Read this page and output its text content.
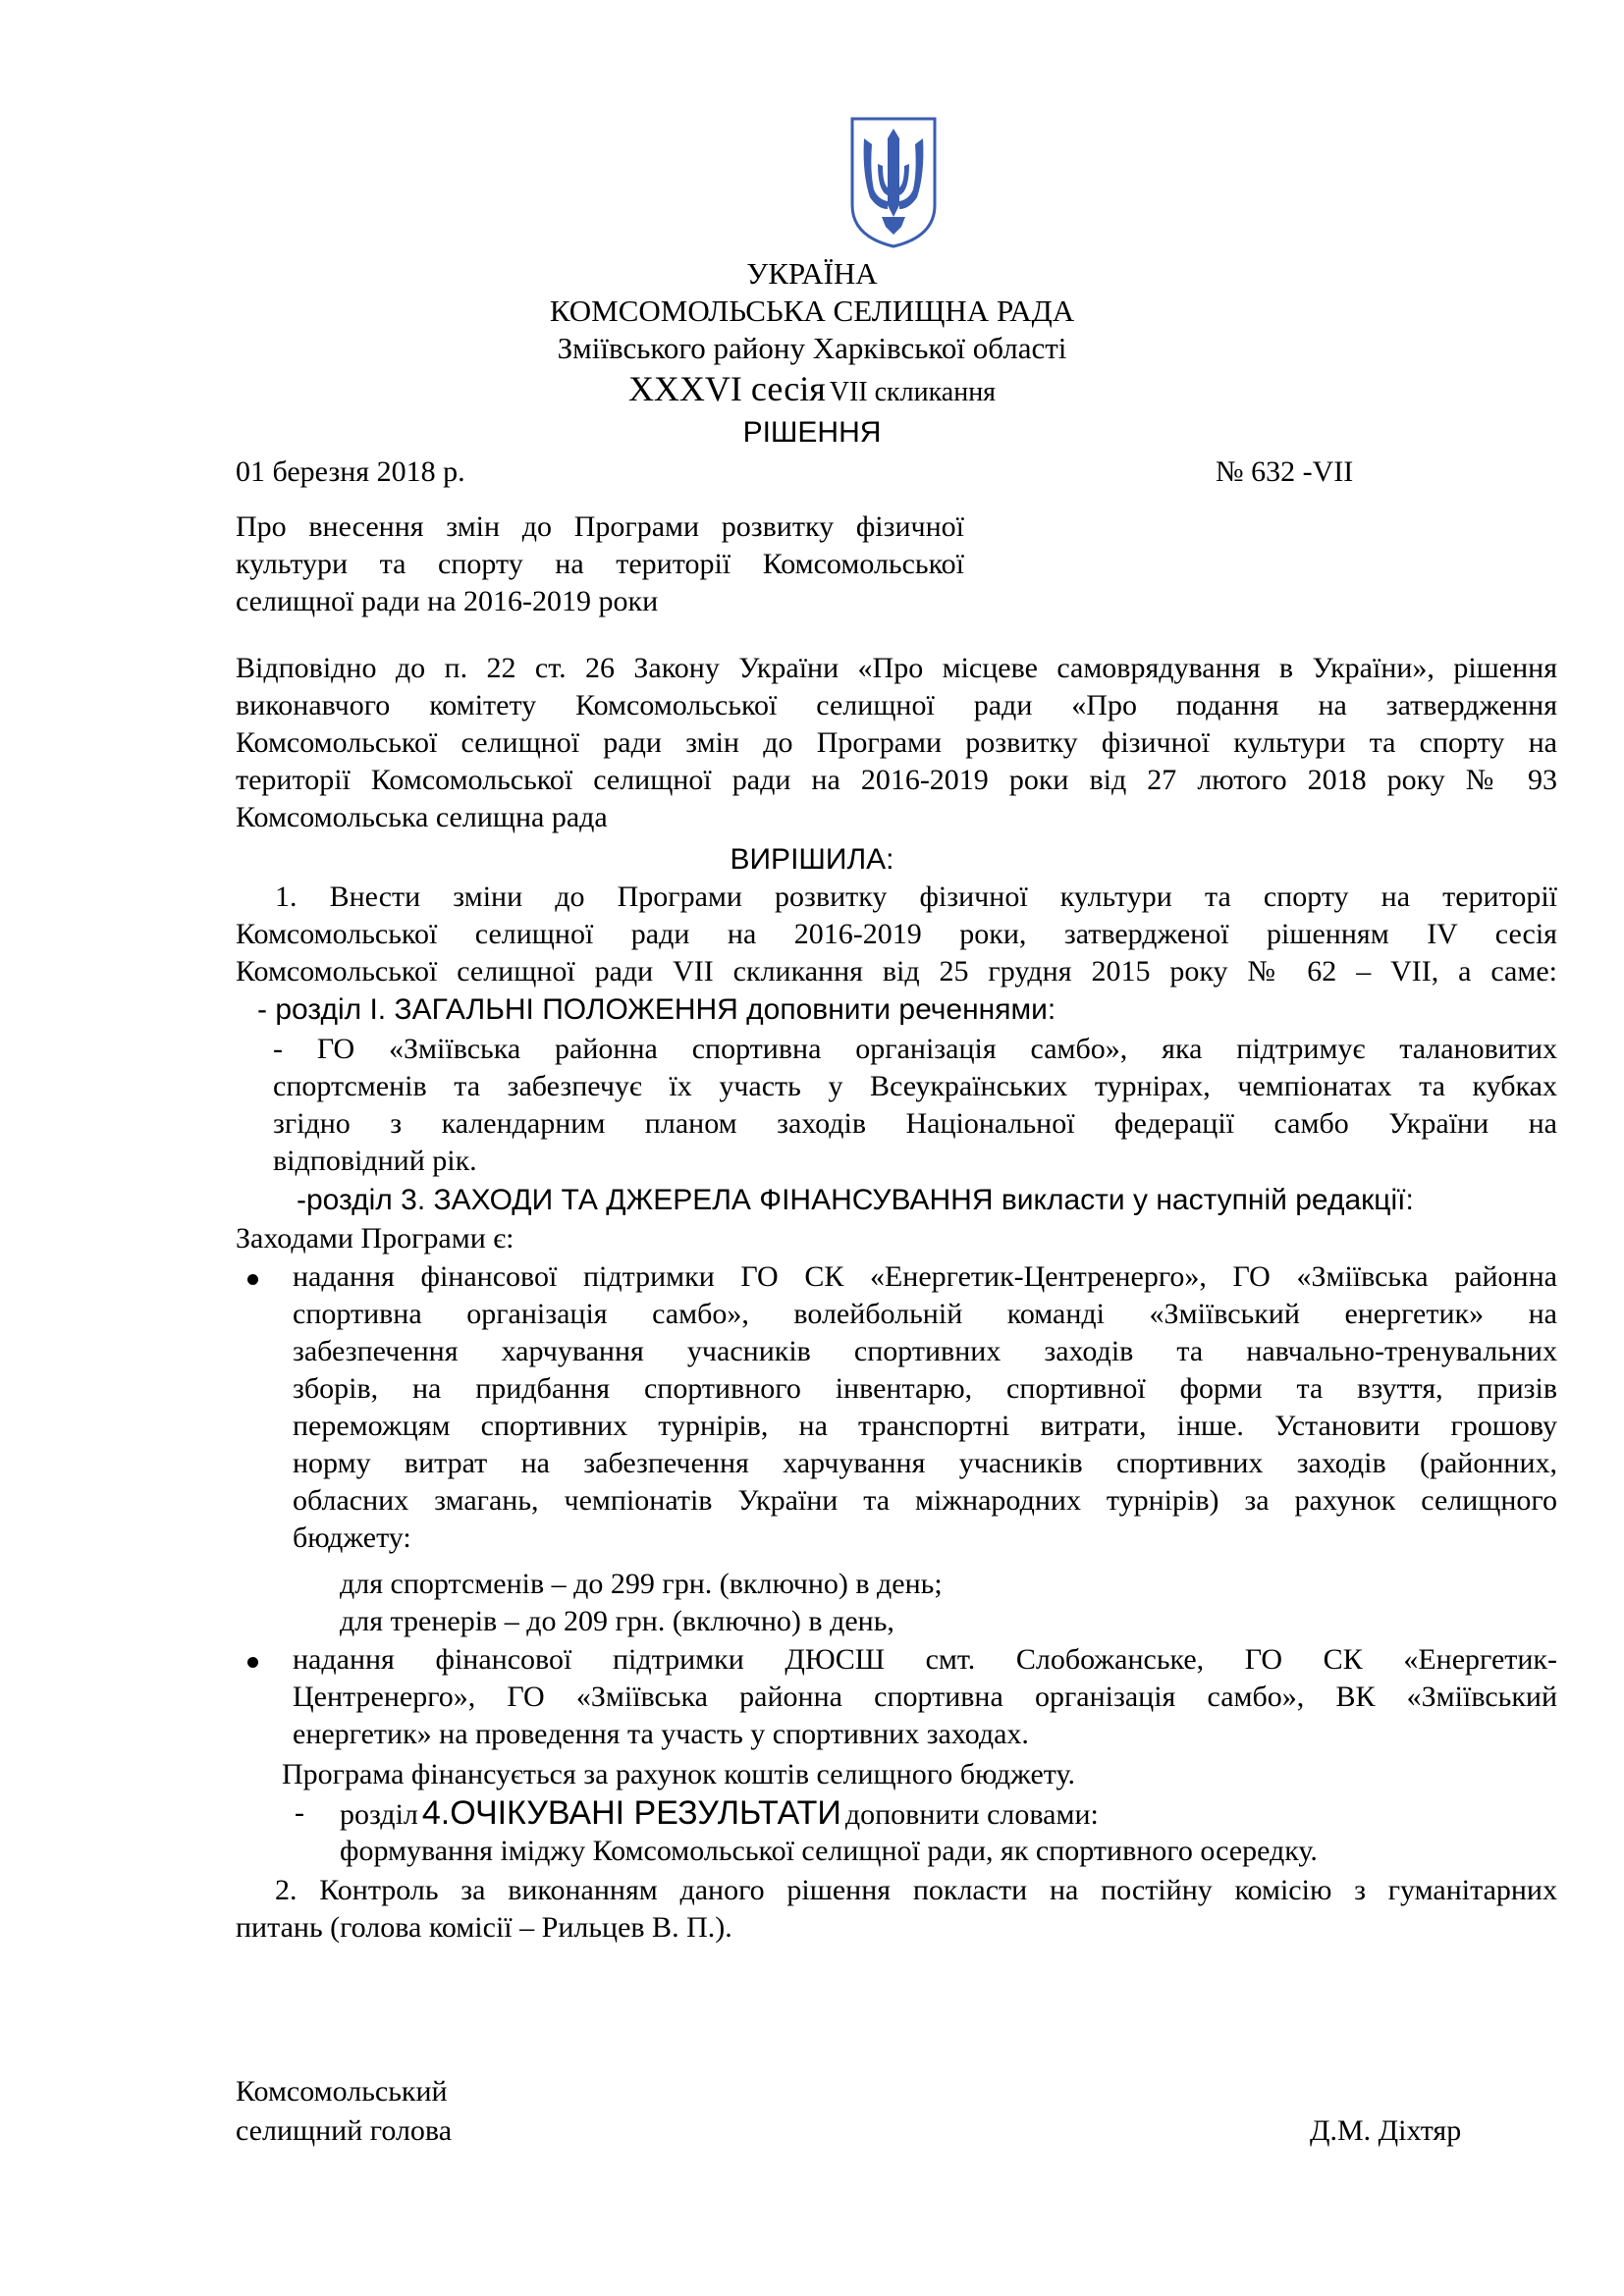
УКРАЇНА
КОМСОМОЛЬСЬКА СЕЛИЩНА РАДА
Зміївського району Харківської області
XXXVI сесія VII скликання
РІШЕННЯ
01 березня 2018 р.	№ 632 -VII
Про внесення змін до Програми розвитку фізичної
культури та спорту на території Комсомольської
селищної ради на 2016-2019 роки
Відповідно до п. 22 ст. 26 Закону України «Про місцеве самоврядування в України», рішення
виконавчого комітету Комсомольської селищної ради «Про подання на затвердження
Комсомольської селищної ради змін до Програми розвитку фізичної культури та спорту на
території Комсомольської селищної ради на 2016-2019 роки від 27 лютого 2018 року № 93
Комсомольська селищна рада
ВИРІШИЛА:
1. Внести зміни до Програми розвитку фізичної культури та спорту на території
Комсомольської селищної ради на 2016-2019 роки, затвердженої рішенням IV сесія
Комсомольської селищної ради VII скликання від 25 грудня 2015 року № 62 – VII, а саме:
- розділ I. ЗАГАЛЬНІ ПОЛОЖЕННЯ доповнити реченнями:
- ГО «Зміївська районна спортивна організація самбо», яка підтримує талановитих
спортсменів та забезпечує їх участь у Всеукраїнських турнірах, чемпіонатах та кубках
згідно з календарним планом заходів Національної федерації самбо України на
відповідний рік.
-розділ 3. ЗАХОДИ ТА ДЖЕРЕЛА ФІНАНСУВАННЯ викласти у наступній редакції:
Заходами Програми є:
надання фінансової підтримки ГО СК «Енергетик-Центренерго», ГО «Зміївська районна
спортивна організація самбо», волейбольній команді «Зміївський енергетик» на
забезпечення харчування учасників спортивних заходів та навчально-тренувальних
зборів, на придбання спортивного інвентарю, спортивної форми та взуття, призів
переможцям спортивних турнірів, на транспортні витрати, інше. Установити грошову
норму витрат на забезпечення харчування учасників спортивних заходів (районних,
обласних змагань, чемпіонатів України та міжнародних турнірів) за рахунок селищного
бюджету:
для спортсменів – до 299 грн. (включно) в день;
для тренерів – до 209 грн. (включно) в день,
надання фінансової підтримки ДЮСШ смт. Слобожанське, ГО СК «Енергетик-
Центренерго», ГО «Зміївська районна спортивна організація самбо», ВК «Зміївський
енергетик» на проведення та участь у спортивних заходах.
Програма фінансується за рахунок коштів селищного бюджету.
- розділ 4.ОЧІКУВАНІ РЕЗУЛЬТАТИ доповнити словами:
формування іміджу Комсомольської селищної ради, як спортивного осередку.
2. Контроль за виконанням даного рішення покласти на постійну комісію з гуманітарних
питань (голова комісії – Рильцев В. П.).
Комсомольський
селищний голова	Д.М. Діхтяр
